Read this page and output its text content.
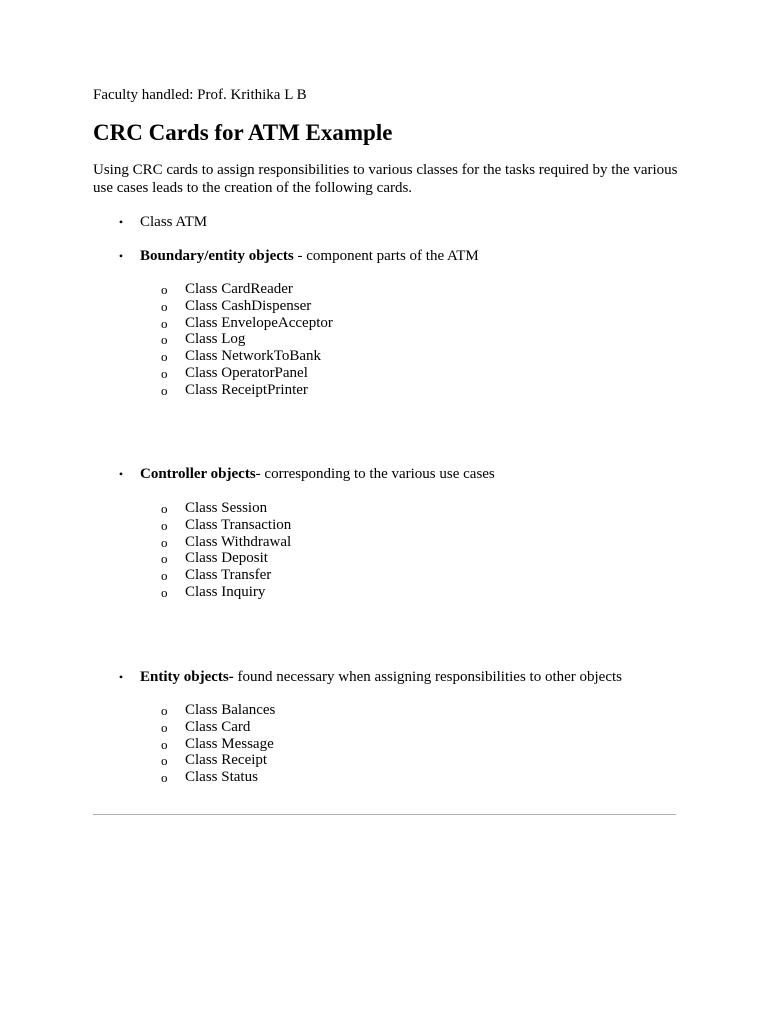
Faculty handled: Prof. Krithika L B
CRC Cards for ATM Example
Using CRC cards to assign responsibilities to various classes for the tasks required by the various use cases leads to the creation of the following cards.
• Class ATM
• Boundary/entity objects - component parts of the ATM
o Class CardReader
o Class CashDispenser
o Class EnvelopeAcceptor
o Class Log
o Class NetworkToBank
o Class OperatorPanel
o Class ReceiptPrinter
• Controller objects- corresponding to the various use cases
o Class Session
o Class Transaction
o Class Withdrawal
o Class Deposit
o Class Transfer
o Class Inquiry
• Entity objects- found necessary when assigning responsibilities to other objects
o Class Balances
o Class Card
o Class Message
o Class Receipt
o Class Status
